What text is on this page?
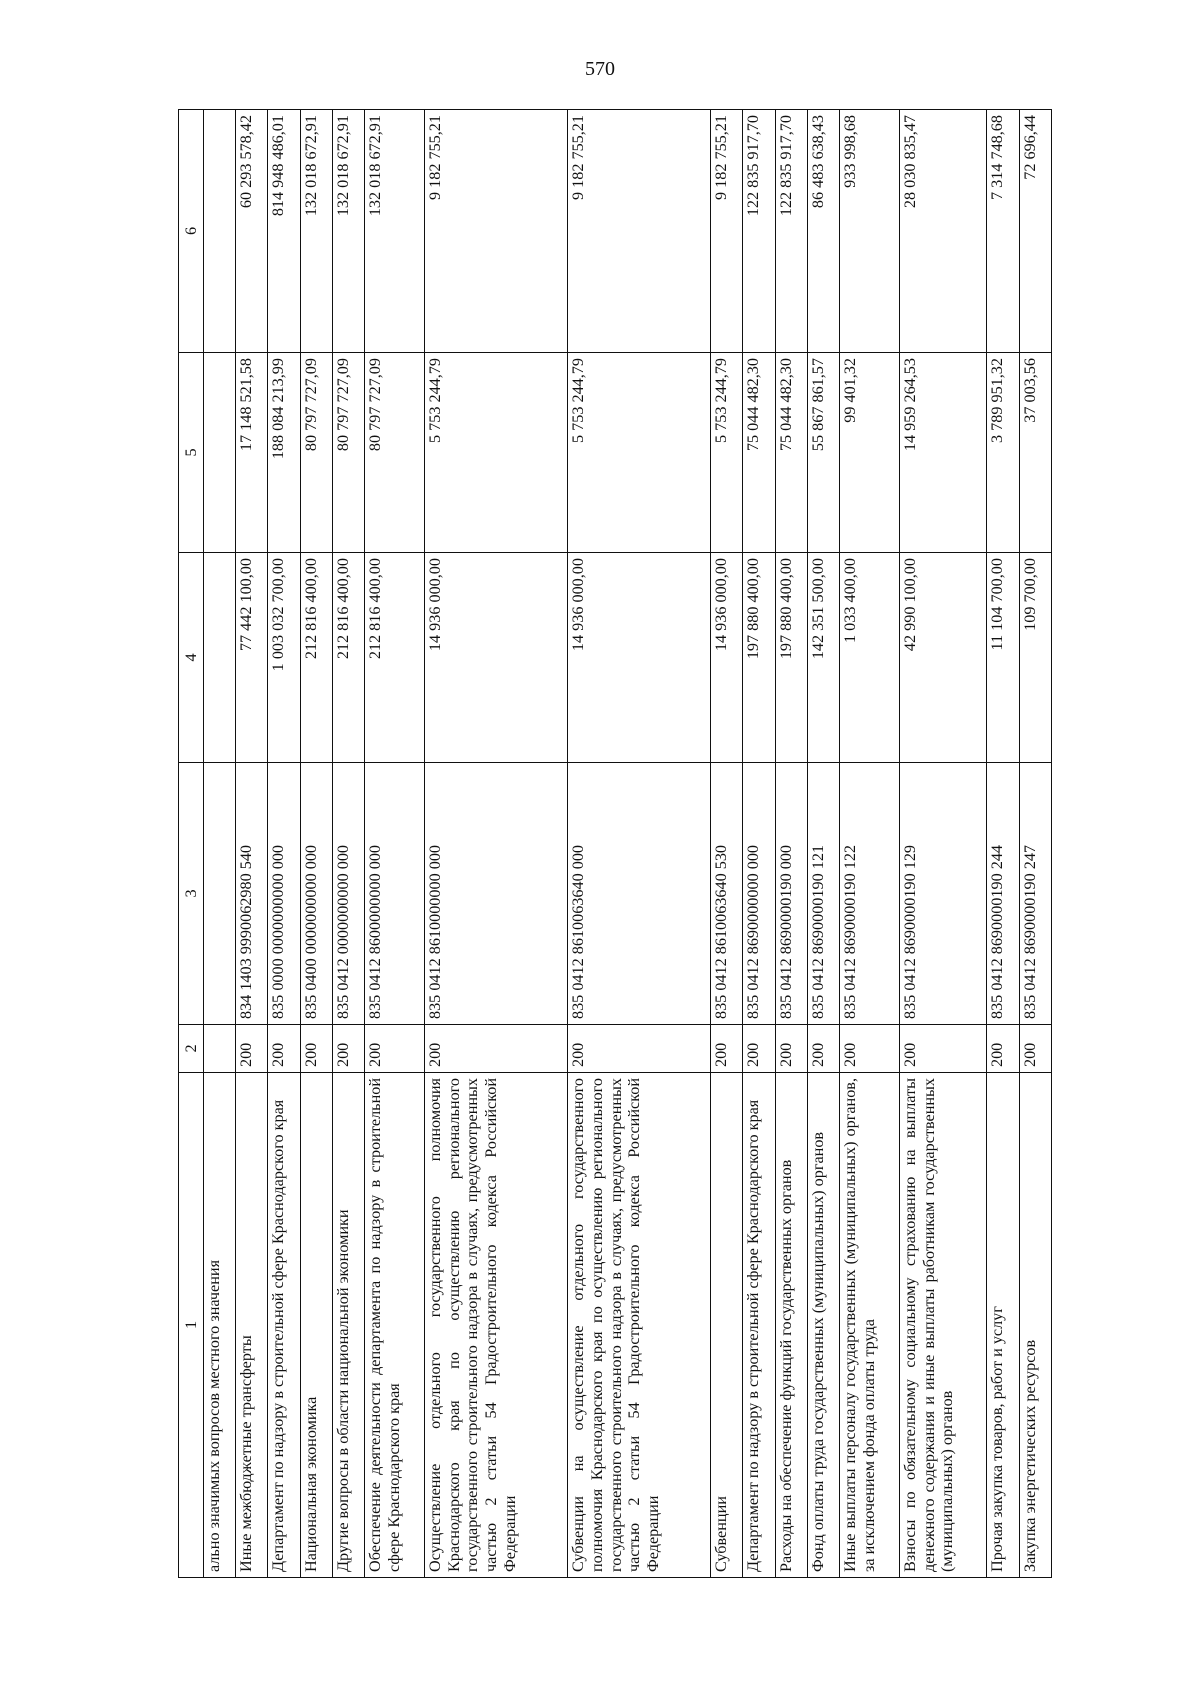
570
1	2	3	4	5	6
ально значимых вопросов местного значения					
Иные межбюджетные трансферты	200	834 1403 9990062980 540	77 442 100,00	17 148 521,58	60 293 578,42
Департамент по надзору в строительной сфере Краснодарского края	200	835 0000 0000000000 000	1 003 032 700,00	188 084 213,99	814 948 486,01
Национальная экономика	200	835 0400 0000000000 000	212 816 400,00	80 797 727,09	132 018 672,91
Другие вопросы в области национальной экономики	200	835 0412 0000000000 000	212 816 400,00	80 797 727,09	132 018 672,91
Обеспечение деятельности департамента по надзору в строительной сфере Краснодарского края	200	835 0412 8600000000 000	212 816 400,00	80 797 727,09	132 018 672,91
Осуществление отдельного государственного полномочия Краснодарского края по осуществлению регионального государственного строительного надзора в случаях, предусмотренных частью 2 статьи 54 Градостроительного кодекса Российской Федерации	200	835 0412 8610000000 000	14 936 000,00	5 753 244,79	9 182 755,21
Субвенции на осуществление отдельного государственного полномочия Краснодарского края по осуществлению регионального государственного строительного надзора в случаях, предусмотренных частью 2 статьи 54 Градостроительного кодекса Российской Федерации	200	835 0412 8610063640 000	14 936 000,00	5 753 244,79	9 182 755,21
Субвенции	200	835 0412 8610063640 530	14 936 000,00	5 753 244,79	9 182 755,21
Департамент по надзору в строительной сфере Краснодарского края	200	835 0412 8690000000 000	197 880 400,00	75 044 482,30	122 835 917,70
Расходы на обеспечение функций государственных органов	200	835 0412 8690000190 000	197 880 400,00	75 044 482,30	122 835 917,70
Фонд оплаты труда государственных (муниципальных) органов	200	835 0412 8690000190 121	142 351 500,00	55 867 861,57	86 483 638,43
Иные выплаты персоналу государственных (муниципальных) органов, за исключением фонда оплаты труда	200	835 0412 8690000190 122	1 033 400,00	99 401,32	933 998,68
Взносы по обязательному социальному страхованию на выплаты денежного содержания и иные выплаты работникам государственных (муниципальных) органов	200	835 0412 8690000190 129	42 990 100,00	14 959 264,53	28 030 835,47
Прочая закупка товаров, работ и услуг	200	835 0412 8690000190 244	11 104 700,00	3 789 951,32	7 314 748,68
Закупка энергетических ресурсов	200	835 0412 8690000190 247	109 700,00	37 003,56	72 696,44
